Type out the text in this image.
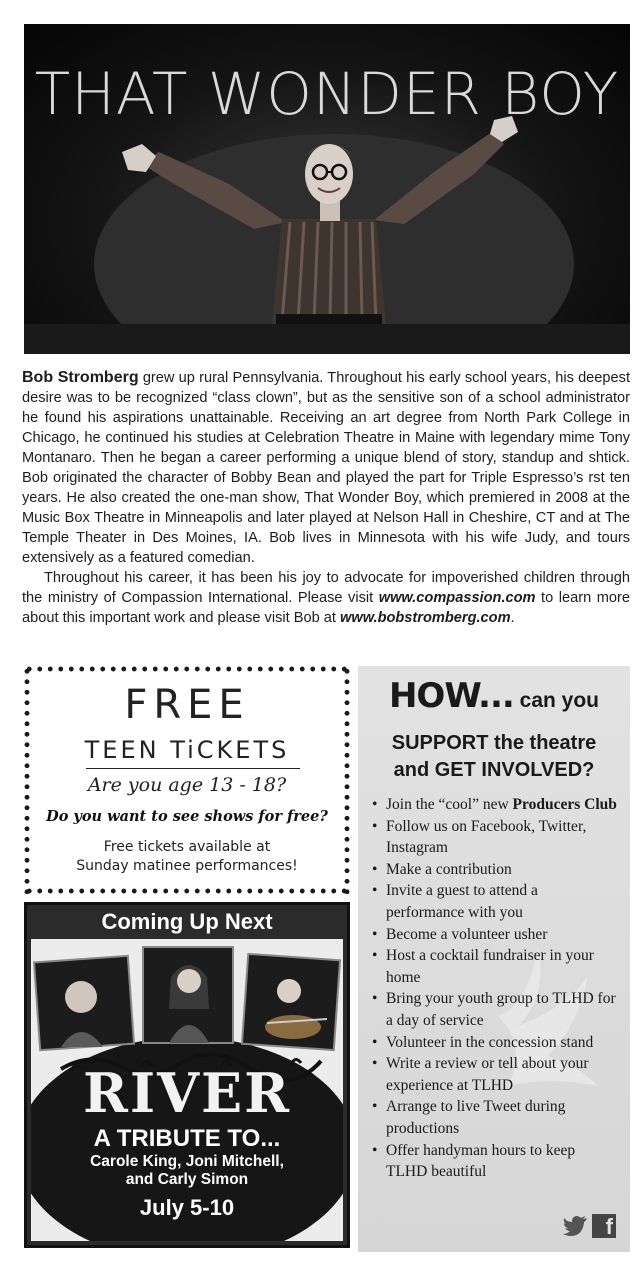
THAT WONDER BOY

Bob Stromberg grew up rural Pennsylvania. Throughout his early school years, his deepest desire was to be recognized “class clown”, but as the sensitive son of a school administrator he found his aspirations unattainable. Receiving an art degree from North Park College in Chicago, he continued his studies at Celebration Theatre in Maine with legendary mime Tony Montanaro. Then he began a career performing a unique blend of story, standup and shtick. Bob originated the character of Bobby Bean and played the part for Triple Espresso’s rst ten years. He also created the one-man show, That Wonder Boy, which premiered in 2008 at the Music Box Theatre in Minneapolis and later played at Nelson Hall in Cheshire, CT and at The Temple Theater in Des Moines, IA. Bob lives in Minnesota with his wife Judy, and tours extensively as a featured comedian.

Throughout his career, it has been his joy to advocate for impoverished children through the ministry of Compassion International. Please visit www.compassion.com to learn more about this important work and please visit Bob at www.bobstromberg.com.

FREE
TEEN TiCKETS
Are you age 13 - 18?
Do you want to see shows for free?
Free tickets available at
Sunday matinee performances!
Coming Up Next
RIVER
A TRIBUTE TO...
Carole King, Joni Mitchell,
and Carly Simon
July 5-10
HOW... can you
SUPPORT the theatre
and GET INVOLVED?
• Join the “cool” new Producers Club
• Follow us on Facebook, Twitter, Instagram
• Make a contribution
• Invite a guest to attend a performance with you
• Become a volunteer usher
• Host a cocktail fundraiser in your home
• Bring your youth group to TLHD for a day of service
• Volunteer in the concession stand
• Write a review or tell about your experience at TLHD
• Arrange to live Tweet during productions
• Offer handyman hours to keep TLHD beautiful
f
